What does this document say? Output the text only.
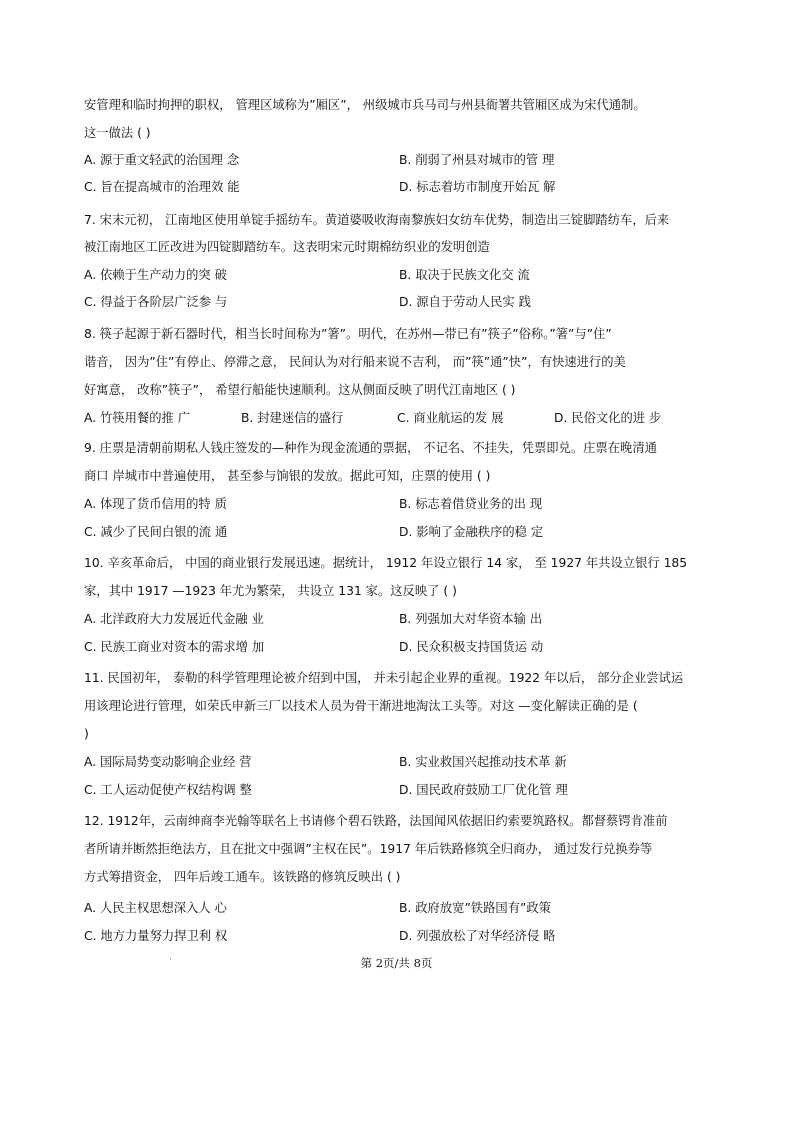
安管理和临时拘押的职权， 管理区域称为”厢区”， 州级城市兵马司与州县衙署共管厢区成为宋代通制。
这一做法 ( )
A. 源于重文轻武的治国理 念	B. 削弱了州县对城市的管 理
C. 旨在提高城市的治理效 能	D. 标志着坊市制度开始瓦 解
7. 宋末元初， 江南地区使用单锭手摇纺车。黄道婆吸收海南黎族妇女纺车优势，制造出三锭脚踏纺车，后来
被江南地区工匠改进为四锭脚踏纺车。这表明宋元时期棉纺织业的发明创造
A. 依赖于生产动力的突 破	B. 取决于民族文化交 流
C. 得益于各阶层广泛参 与	D. 源自于劳动人民实 践
8. 筷子起源于新石器时代，相当长时间称为”箸”。明代，在苏州—带已有”筷子”俗称。”箸”与”住”
谐音， 因为”住”有停止、停滞之意， 民间认为对行船来说不吉利， 而”筷”通”快”，有快速进行的美
好寓意， 改称”筷子”， 希望行船能快速顺利。这从侧面反映了明代江南地区 ( )
A. 竹筷用餐的推 广	B. 封建迷信的盛行	C. 商业航运的发 展	D. 民俗文化的进 步
9. 庄票是清朝前期私人钱庄签发的—种作为现金流通的票据， 不记名、不挂失，凭票即兑。庄票在晚清通
商口 岸城市中普遍使用， 甚至参与饷银的发放。据此可知，庄票的使用 ( )
A. 体现了货币信用的特 质	B. 标志着借贷业务的出 现
C. 减少了民间白银的流 通	D. 影响了金融秩序的稳 定
10. 辛亥革命后， 中国的商业银行发展迅速。据统计， 1912 年设立银行 14 家， 至 1927 年共设立银行 185
家，其中 1917 —1923 年尤为繁荣， 共设立 131 家。这反映了 ( )
A. 北洋政府大力发展近代金融 业	B. 列强加大对华资本输 出
C. 民族工商业对资本的需求增 加	D. 民众积极支持国货运 动
11. 民国初年， 泰勒的科学管理理论被介绍到中国， 并未引起企业界的重视。1922 年以后， 部分企业尝试运
用该理论进行管理，如荣氏申新三厂以技术人员为骨干渐进地淘汰工头等。对这 —变化解读正确的是 (
)
A. 国际局势变动影响企业经 营	B. 实业救国兴起推动技术革 新
C. 工人运动促使产权结构调 整	D. 国民政府鼓励工厂优化管 理
12. 1912年，云南绅商李光翰等联名上书请修个碧石铁路，法国闻风依据旧约索要筑路权。都督蔡锷肯准前
者所请并断然拒绝法方，且在批文中强调”主权在民”。1917 年后铁路修筑全归商办， 通过发行兑换券等
方式筹措资金， 四年后竣工通车。该铁路的修筑反映出 ( )
A. 人民主权思想深入人 心	B. 政府放宽”铁路国有”政策
C. 地方力量努力捍卫利 权	D. 列强放松了对华经济侵 略
·	第 2页/共 8页
